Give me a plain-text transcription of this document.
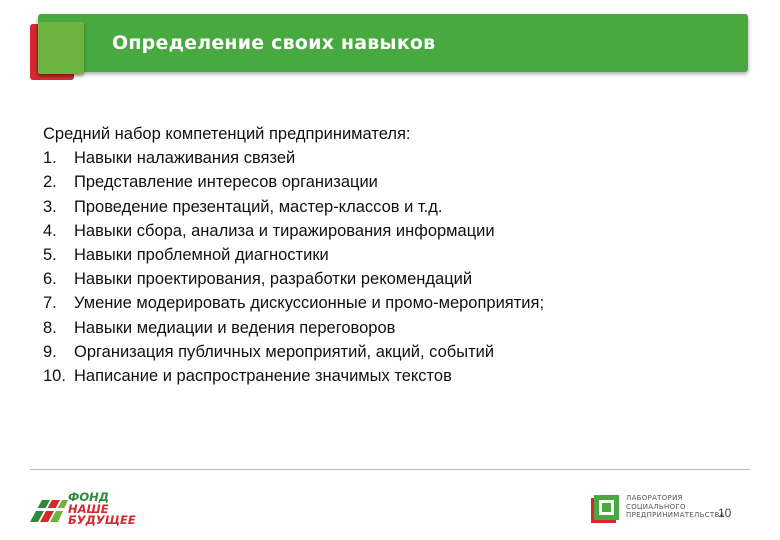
Определение своих навыков

Средний набор компетенций предпринимателя:

1.	Навыки налаживания связей
2.	Представление интересов организации
3.	Проведение презентаций, мастер-классов и т.д.
4.	Навыки сбора, анализа и тиражирования информации
5.	Навыки проблемной диагностики
6.	Навыки проектирования, разработки рекомендаций
7.	Умение модерировать дискуссионные и промо-мероприятия;
8.	Навыки медиации и ведения переговоров
9.	Организация публичных мероприятий, акций, событий
10. Написание и распространение значимых текстов
ФОНД
НАШЕ
БУДУЩЕЕ
ЛАБОРАТОРИЯ
СОЦИАЛЬНОГО
ПРЕДПРИНИМАТЕЛЬСТВА
10
